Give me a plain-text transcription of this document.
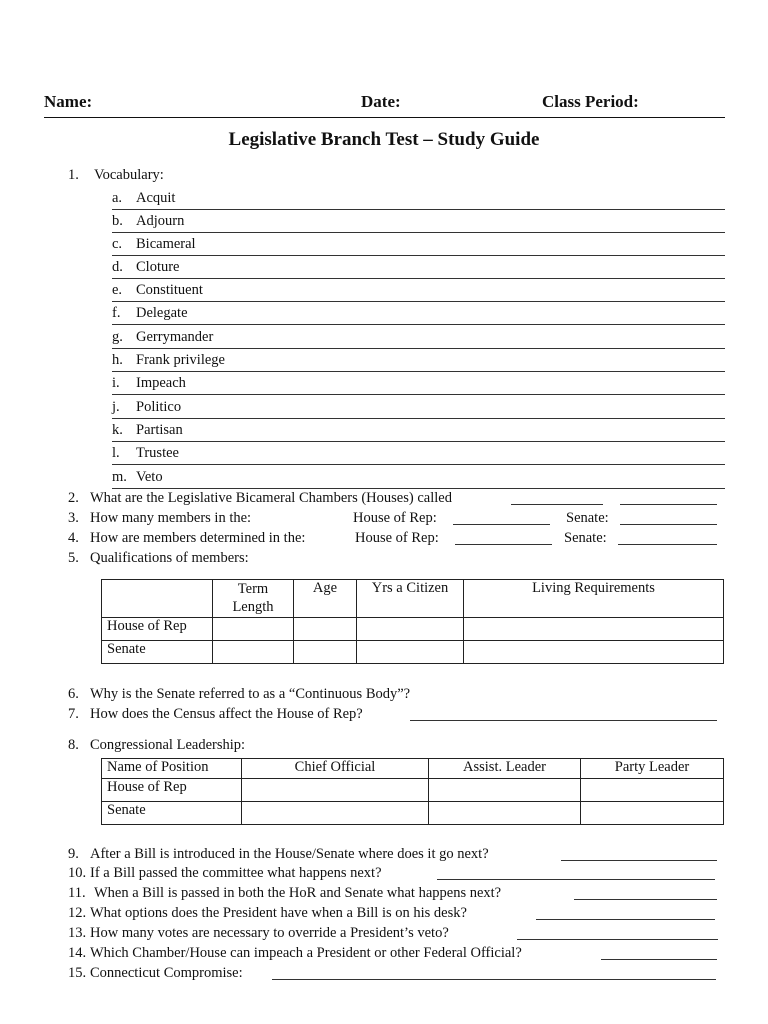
Name:	Date:	Class Period:
Legislative Branch Test – Study Guide
1. Vocabulary:
a. Acquit
b. Adjourn
c. Bicameral
d. Cloture
e. Constituent
f. Delegate
g. Gerrymander
h. Frank privilege
i. Impeach
j. Politico
k. Partisan
l. Trustee
m. Veto
2. What are the Legislative Bicameral Chambers (Houses) called
3. How many members in the:	House of Rep:	Senate:
4. How are members determined in the:	House of Rep:	Senate:
5. Qualifications of members:
	Term Length	Age	Yrs a Citizen	Living Requirements
House of Rep				
Senate				
6. Why is the Senate referred to as a “Continuous Body”?
7. How does the Census affect the House of Rep?
8. Congressional Leadership:
Name of Position	Chief Official	Assist. Leader	Party Leader
House of Rep			
Senate			
9. After a Bill is introduced in the House/Senate where does it go next?
10. If a Bill passed the committee what happens next?
11. When a Bill is passed in both the HoR and Senate what happens next?
12. What options does the President have when a Bill is on his desk?
13. How many votes are necessary to override a President’s veto?
14. Which Chamber/House can impeach a President or other Federal Official?
15. Connecticut Compromise:
